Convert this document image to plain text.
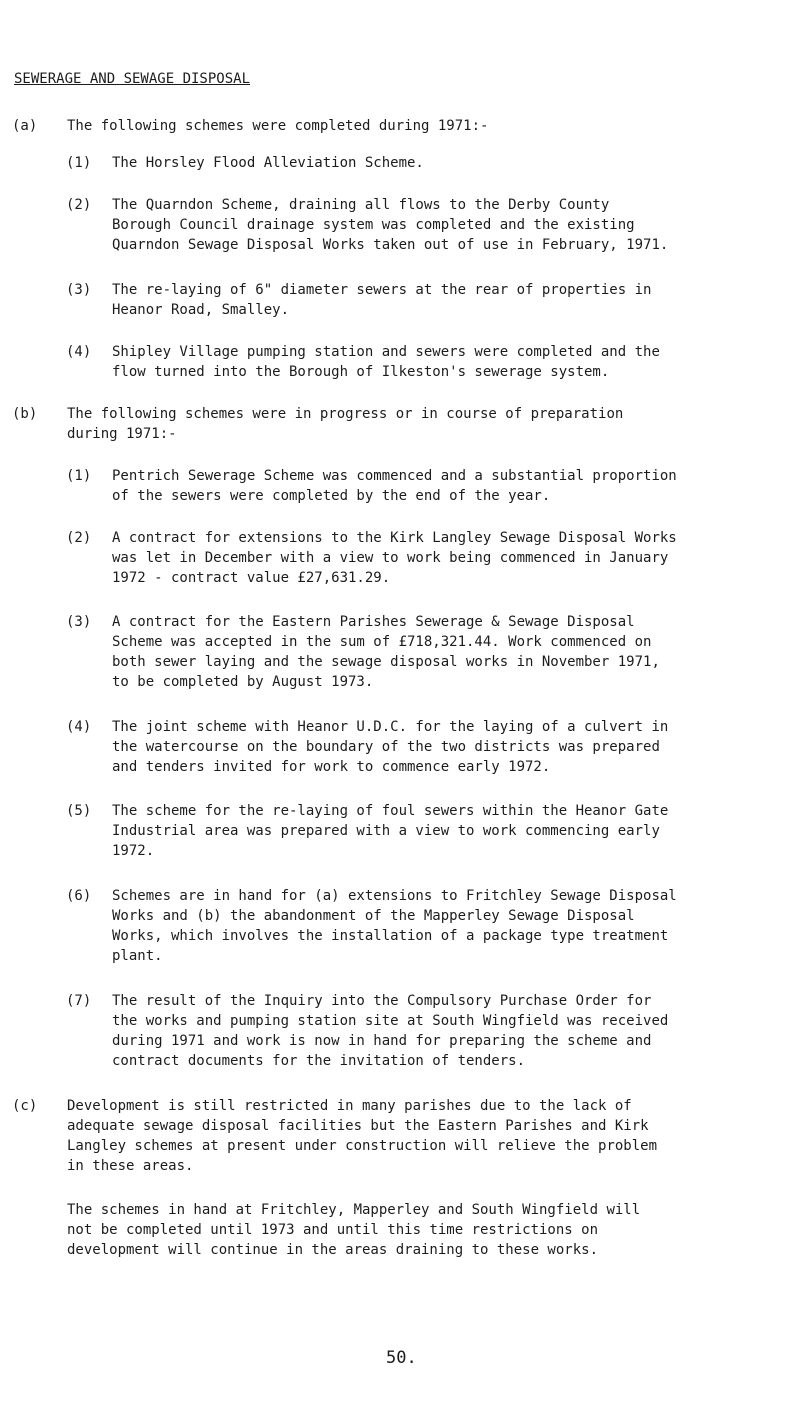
SEWERAGE AND SEWAGE DISPOSAL
(a) The following schemes were completed during 1971:-
(1) The Horsley Flood Alleviation Scheme.
(2) The Quarndon Scheme, draining all flows to the Derby County
Borough Council drainage system was completed and the existing
Quarndon Sewage Disposal Works taken out of use in February, 1971.
(3) The re-laying of 6" diameter sewers at the rear of properties in
Heanor Road, Smalley.
(4) Shipley Village pumping station and sewers were completed and the
flow turned into the Borough of Ilkeston's sewerage system.
(b) The following schemes were in progress or in course of preparation
during 1971:-
(1) Pentrich Sewerage Scheme was commenced and a substantial proportion
of the sewers were completed by the end of the year.
(2) A contract for extensions to the Kirk Langley Sewage Disposal Works
was let in December with a view to work being commenced in January
1972 - contract value £27,631.29.
(3) A contract for the Eastern Parishes Sewerage & Sewage Disposal
Scheme was accepted in the sum of £718,321.44. Work commenced on
both sewer laying and the sewage disposal works in November 1971,
to be completed by August 1973.
(4) The joint scheme with Heanor U.D.C. for the laying of a culvert in
the watercourse on the boundary of the two districts was prepared
and tenders invited for work to commence early 1972.
(5) The scheme for the re-laying of foul sewers within the Heanor Gate
Industrial area was prepared with a view to work commencing early
1972.
(6) Schemes are in hand for (a) extensions to Fritchley Sewage Disposal
Works and (b) the abandonment of the Mapperley Sewage Disposal
Works, which involves the installation of a package type treatment
plant.
(7) The result of the Inquiry into the Compulsory Purchase Order for
the works and pumping station site at South Wingfield was received
during 1971 and work is now in hand for preparing the scheme and
contract documents for the invitation of tenders.
(c) Development is still restricted in many parishes due to the lack of
adequate sewage disposal facilities but the Eastern Parishes and Kirk
Langley schemes at present under construction will relieve the problem
in these areas.
The schemes in hand at Fritchley, Mapperley and South Wingfield will
not be completed until 1973 and until this time restrictions on
development will continue in the areas draining to these works.
50.
